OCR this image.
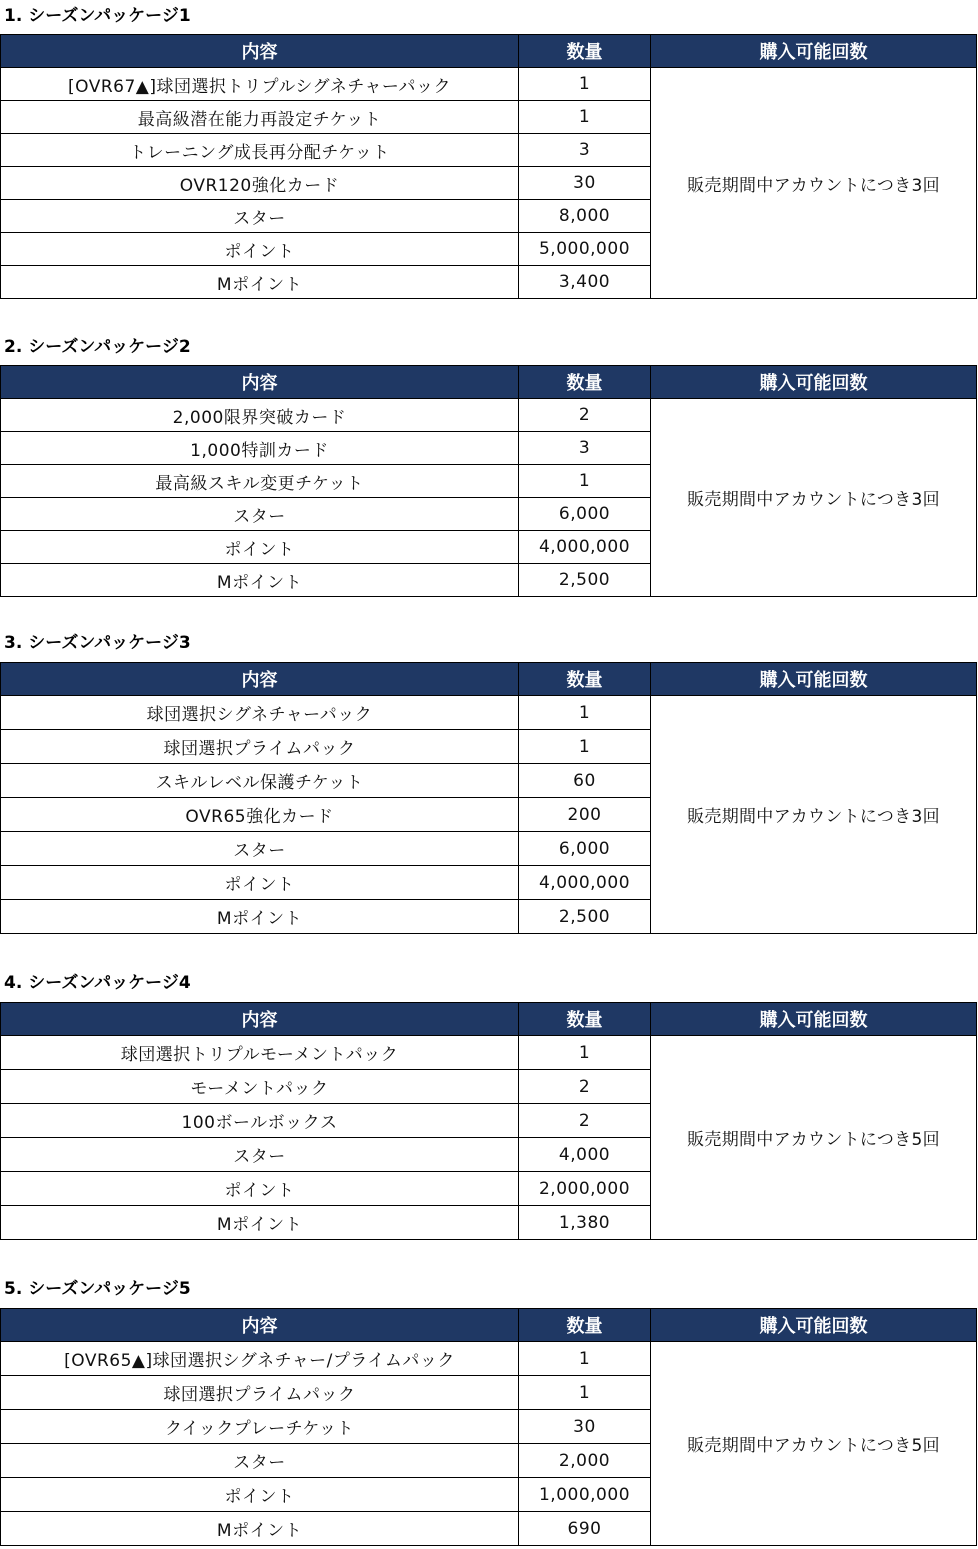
1. シーズンパッケージ1
内容	数量	購入可能回数
[OVR67▲]球団選択トリプルシグネチャーパック	1	販売期間中アカウントにつき3回
最高級潜在能力再設定チケット	1	
トレーニング成長再分配チケット	3	
OVR120強化カード	30	
スター	8,000	
ポイント	5,000,000	
Mポイント	3,400	
2. シーズンパッケージ2
内容	数量	購入可能回数
2,000限界突破カード	2	販売期間中アカウントにつき3回
1,000特訓カード	3	
最高級スキル変更チケット	1	
スター	6,000	
ポイント	4,000,000	
Mポイント	2,500	
3. シーズンパッケージ3
内容	数量	購入可能回数
球団選択シグネチャーパック	1	販売期間中アカウントにつき3回
球団選択プライムパック	1	
スキルレベル保護チケット	60	
OVR65強化カード	200	
スター	6,000	
ポイント	4,000,000	
Mポイント	2,500	
4. シーズンパッケージ4
内容	数量	購入可能回数
球団選択トリプルモーメントパック	1	販売期間中アカウントにつき5回
モーメントパック	2	
100ボールボックス	2	
スター	4,000	
ポイント	2,000,000	
Mポイント	1,380	
5. シーズンパッケージ5
内容	数量	購入可能回数
[OVR65▲]球団選択シグネチャー/プライムパック	1	販売期間中アカウントにつき5回
球団選択プライムパック	1	
クイックプレーチケット	30	
スター	2,000	
ポイント	1,000,000	
Mポイント	690	
